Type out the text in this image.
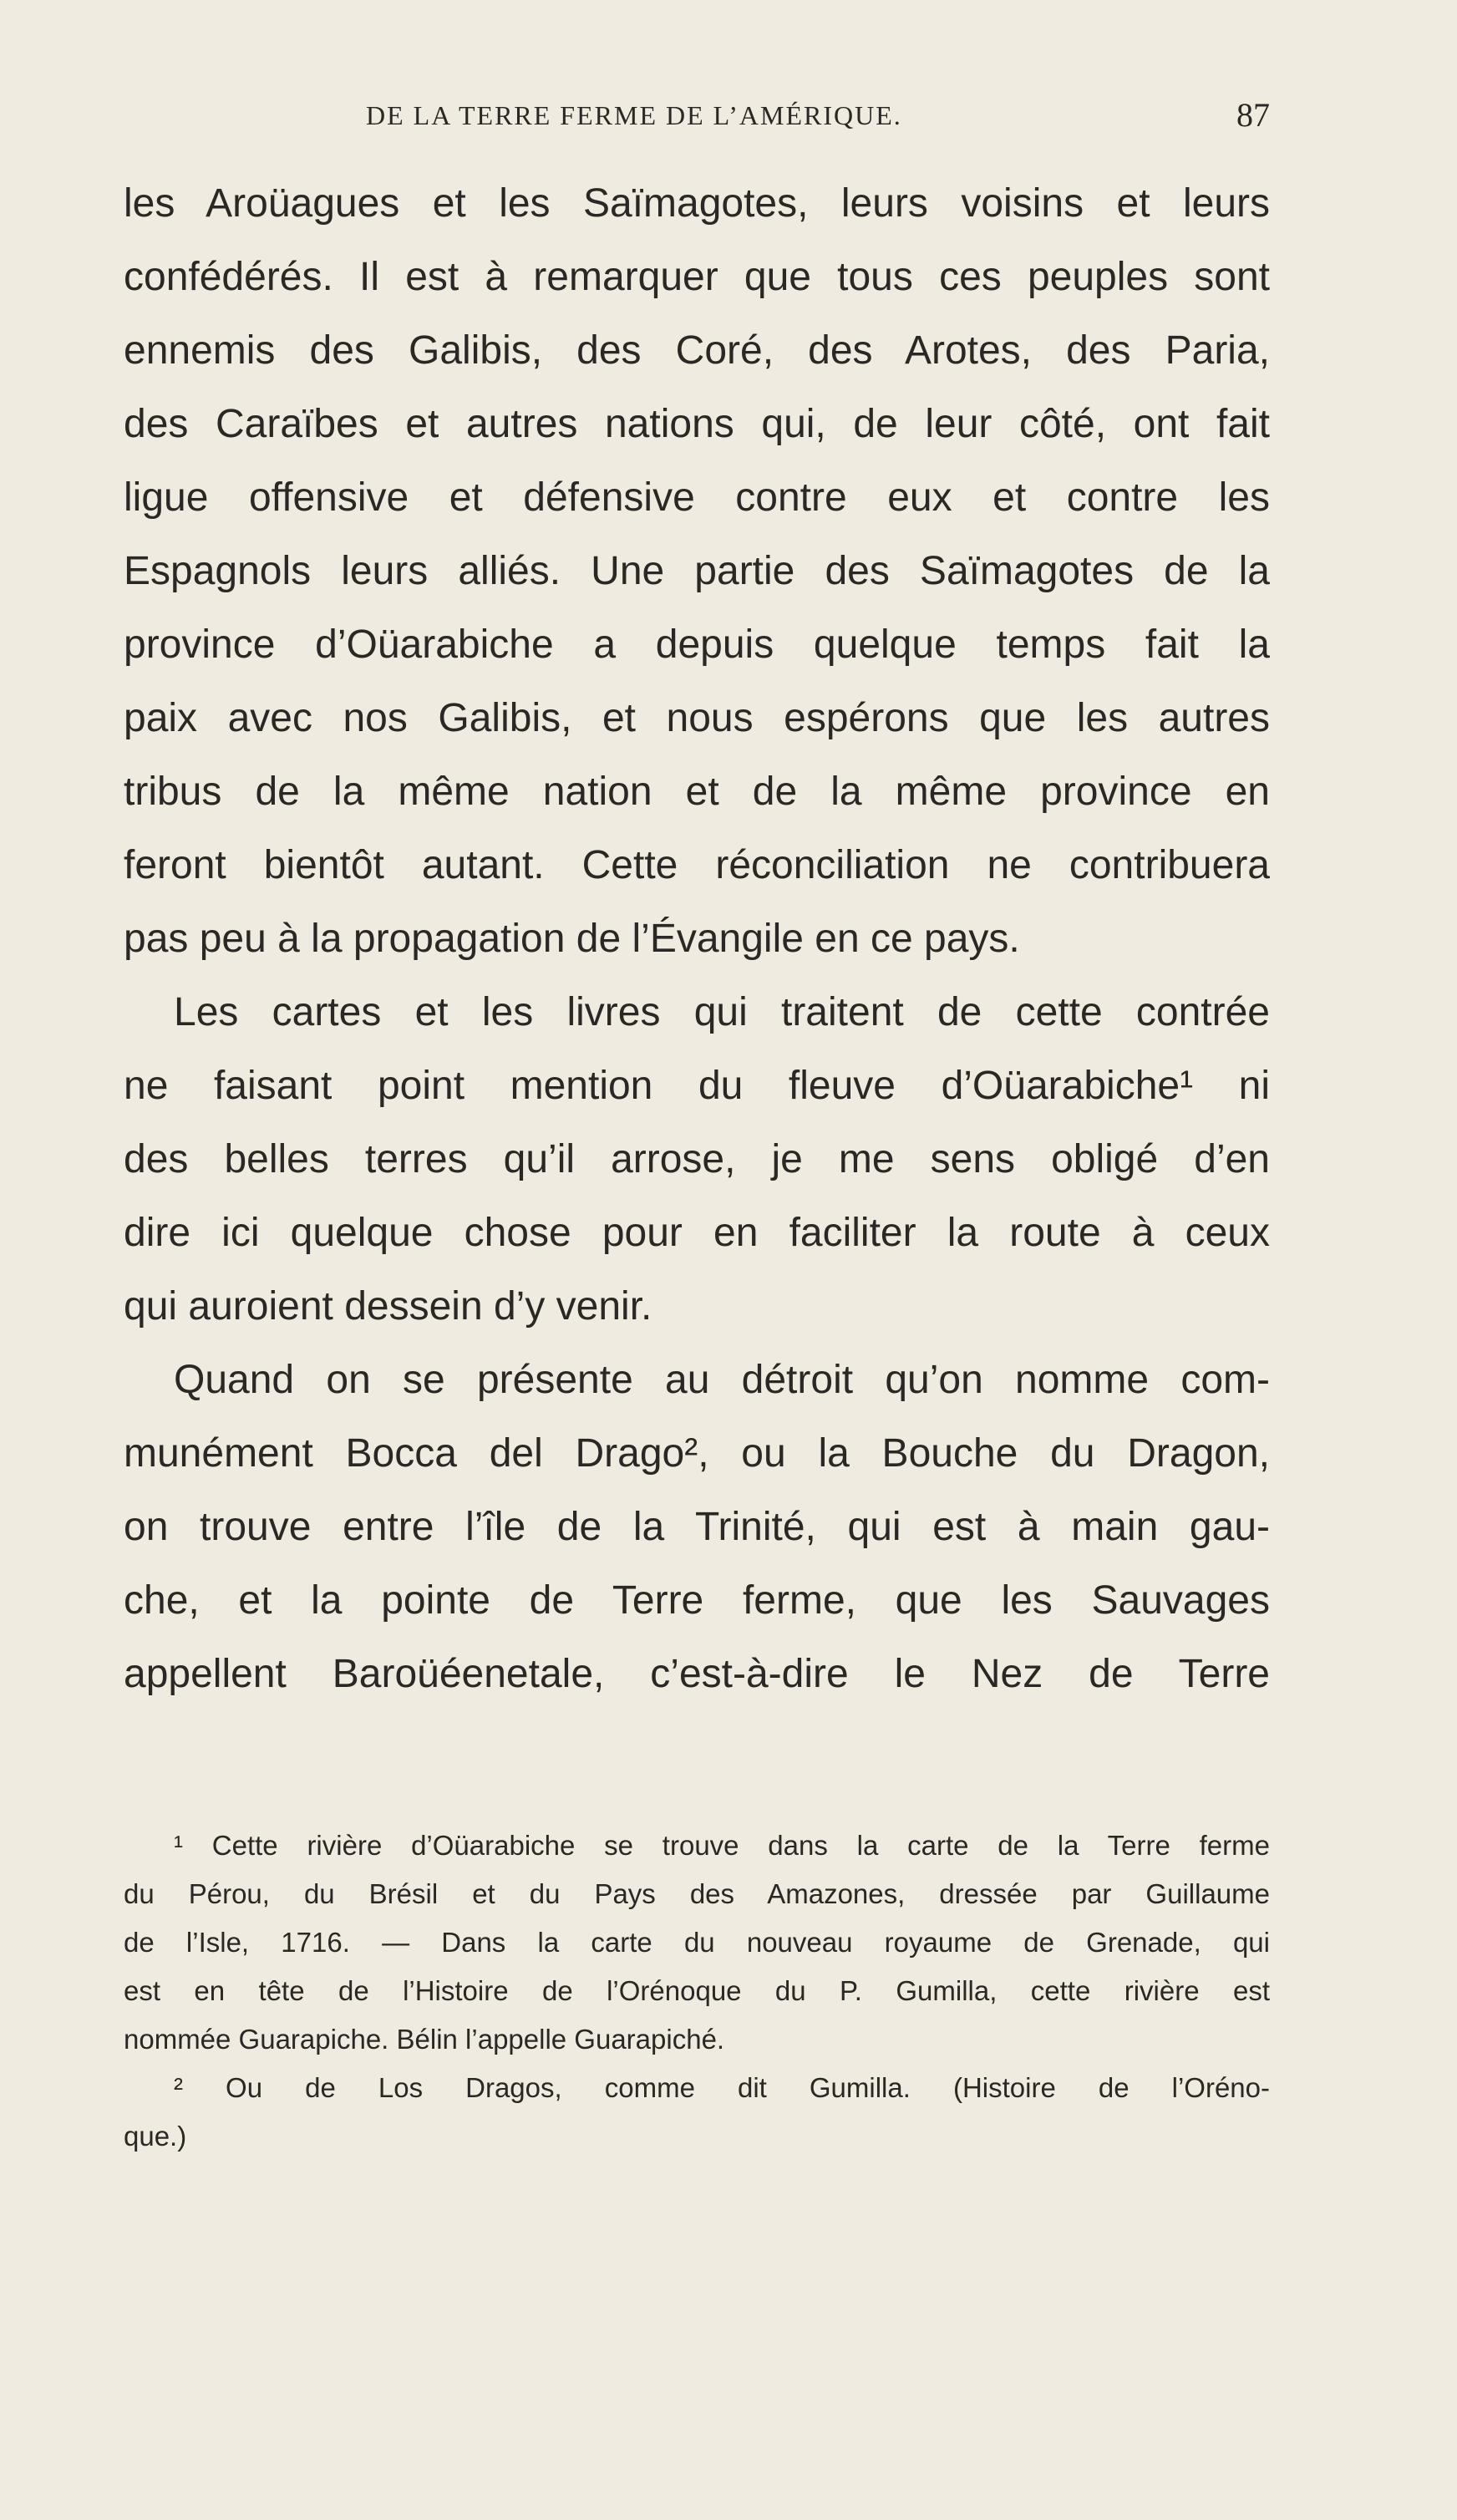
DE LA TERRE FERME DE L’AMÉRIQUE.	87
les Aroüagues et les Saïmagotes, leurs voisins et leurs
confédérés. Il est à remarquer que tous ces peuples sont
ennemis des Galibis, des Coré, des Arotes, des Paria,
des Caraïbes et autres nations qui, de leur côté, ont fait
ligue offensive et défensive contre eux et contre les
Espagnols leurs alliés. Une partie des Saïmagotes de la
province d’Oüarabiche a depuis quelque temps fait la
paix avec nos Galibis, et nous espérons que les autres
tribus de la même nation et de la même province en
feront bientôt autant. Cette réconciliation ne contribuera
pas peu à la propagation de l’Évangile en ce pays.
Les cartes et les livres qui traitent de cette contrée
ne faisant point mention du fleuve d’Oüarabiche¹ ni
des belles terres qu’il arrose, je me sens obligé d’en
dire ici quelque chose pour en faciliter la route à ceux
qui auroient dessein d’y venir.
Quand on se présente au détroit qu’on nomme com-
munément Bocca del Drago², ou la Bouche du Dragon,
on trouve entre l’île de la Trinité, qui est à main gau-
che, et la pointe de Terre ferme, que les Sauvages
appellent Baroüéenetale, c’est-à-dire le Nez de Terre
¹ Cette rivière d’Oüarabiche se trouve dans la carte de la Terre ferme
du Pérou, du Brésil et du Pays des Amazones, dressée par Guillaume
de l’Isle, 1716. — Dans la carte du nouveau royaume de Grenade, qui
est en tête de l’Histoire de l’Orénoque du P. Gumilla, cette rivière est
nommée Guarapiche. Bélin l’appelle Guarapiché.
² Ou de Los Dragos, comme dit Gumilla. (Histoire de l’Oréno-
que.)
